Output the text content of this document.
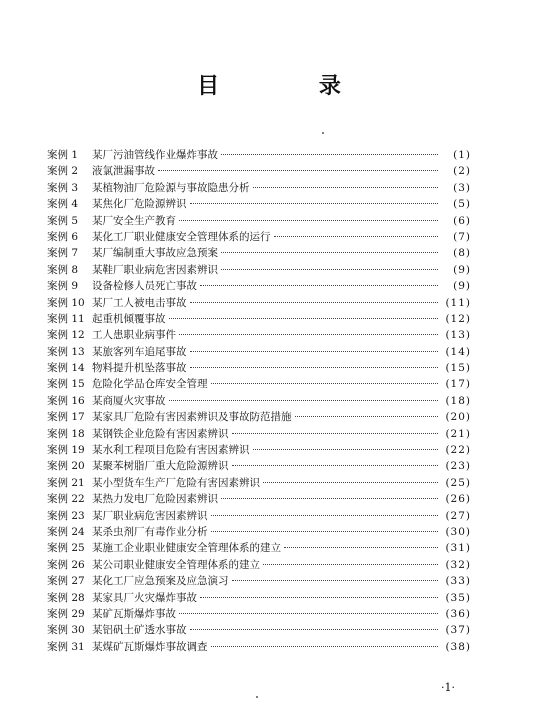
目 录
案例 1	某厂污油管线作业爆炸事故	(1)
案例 2	液氯泄漏事故	(2)
案例 3	某植物油厂危险源与事故隐患分析	(3)
案例 4	某焦化厂危险源辨识	(5)
案例 5	某厂安全生产教育	(6)
案例 6	某化工厂职业健康安全管理体系的运行	(7)
案例 7	某厂编制重大事故应急预案	(8)
案例 8	某鞋厂职业病危害因素辨识	(9)
案例 9	设备检修人员死亡事故	(9)
案例 10 某厂工人被电击事故	(11)
案例 11 起重机倾覆事故	(12)
案例 12 工人患职业病事件	(13)
案例 13 某旅客列车追尾事故	(14)
案例 14 物料提升机坠落事故	(15)
案例 15 危险化学品仓库安全管理	(17)
案例 16 某商厦火灾事故	(18)
案例 17 某家具厂危险有害因素辨识及事故防范措施	(20)
案例 18 某钢铁企业危险有害因素辨识	(21)
案例 19 某水利工程项目危险有害因素辨识	(22)
案例 20 某聚苯树脂厂重大危险源辨识	(23)
案例 21 某小型货车生产厂危险有害因素辨识	(25)
案例 22 某热力发电厂危险因素辨识	(26)
案例 23 某厂职业病危害因素辨识	(27)
案例 24 某杀虫剂厂有毒作业分析	(30)
案例 25 某施工企业职业健康安全管理体系的建立	(31)
案例 26 某公司职业健康安全管理体系的建立	(32)
案例 27 某化工厂应急预案及应急演习	(33)
案例 28 某家具厂火灾爆炸事故	(35)
案例 29 某矿瓦斯爆炸事故	(36)
案例 30 某铝矾土矿透水事故	(37)
案例 31 某煤矿瓦斯爆炸事故调查	(38)
·1·
